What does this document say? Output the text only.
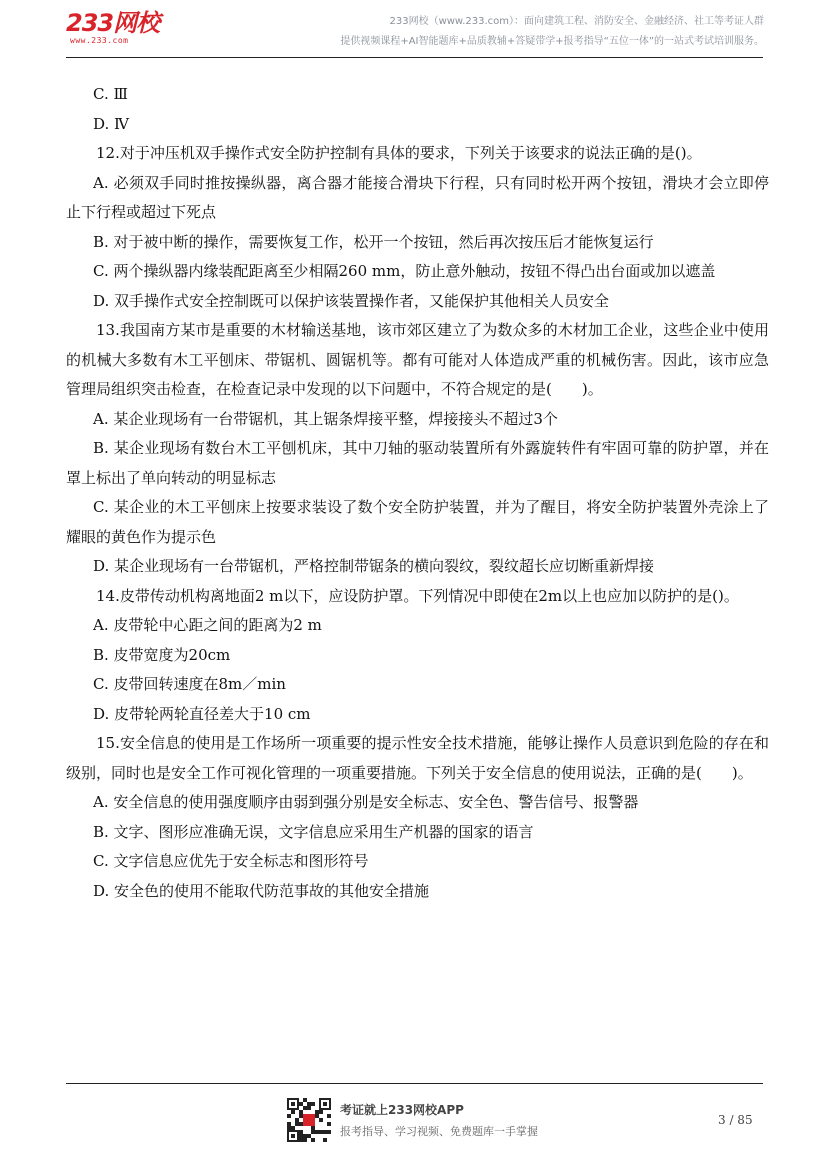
233网校
www.233.com
233网校（www.233.com）：面向建筑工程、消防安全、金融经济、社工等考证人群
提供视频课程+AI智能题库+品质教辅+答疑带学+报考指导“五位一体”的一站式考试培训服务。

C. Ⅲ

D. Ⅳ

12.对于冲压机双手操作式安全防护控制有具体的要求，下列关于该要求的说法正确的是()。

A. 必须双手同时推按操纵器，离合器才能接合滑块下行程，只有同时松开两个按钮，滑块才会立即停止下行程或超过下死点

B. 对于被中断的操作，需要恢复工作，松开一个按钮，然后再次按压后才能恢复运行

C. 两个操纵器内缘装配距离至少相隔260 mm，防止意外触动，按钮不得凸出台面或加以遮盖

D. 双手操作式安全控制既可以保护该装置操作者，又能保护其他相关人员安全

13.我国南方某市是重要的木材输送基地，该市郊区建立了为数众多的木材加工企业，这些企业中使用的机械大多数有木工平刨床、带锯机、圆锯机等。都有可能对人体造成严重的机械伤害。因此，该市应急管理局组织突击检查，在检查记录中发现的以下问题中，不符合规定的是(　　)。

A. 某企业现场有一台带锯机，其上锯条焊接平整，焊接接头不超过3个

B. 某企业现场有数台木工平刨机床，其中刀轴的驱动装置所有外露旋转件有牢固可靠的防护罩，并在罩上标出了单向转动的明显标志

C. 某企业的木工平刨床上按要求装设了数个安全防护装置，并为了醒目，将安全防护装置外壳涂上了耀眼的黄色作为提示色

D. 某企业现场有一台带锯机，严格控制带锯条的横向裂纹，裂纹超长应切断重新焊接

14.皮带传动机构离地面2 m以下，应设防护罩。下列情况中即使在2m以上也应加以防护的是()。

A. 皮带轮中心距之间的距离为2 m

B. 皮带宽度为20cm

C. 皮带回转速度在8m／min

D. 皮带轮两轮直径差大于10 cm

15.安全信息的使用是工作场所一项重要的提示性安全技术措施，能够让操作人员意识到危险的存在和级别，同时也是安全工作可视化管理的一项重要措施。下列关于安全信息的使用说法，正确的是(　　)。

A. 安全信息的使用强度顺序由弱到强分别是安全标志、安全色、警告信号、报警器

B. 文字、图形应准确无误，文字信息应采用生产机器的国家的语言

C. 文字信息应优先于安全标志和图形符号

D. 安全色的使用不能取代防范事故的其他安全措施

考证就上233网校APP
报考指导、学习视频、免费题库一手掌握
3 / 85
